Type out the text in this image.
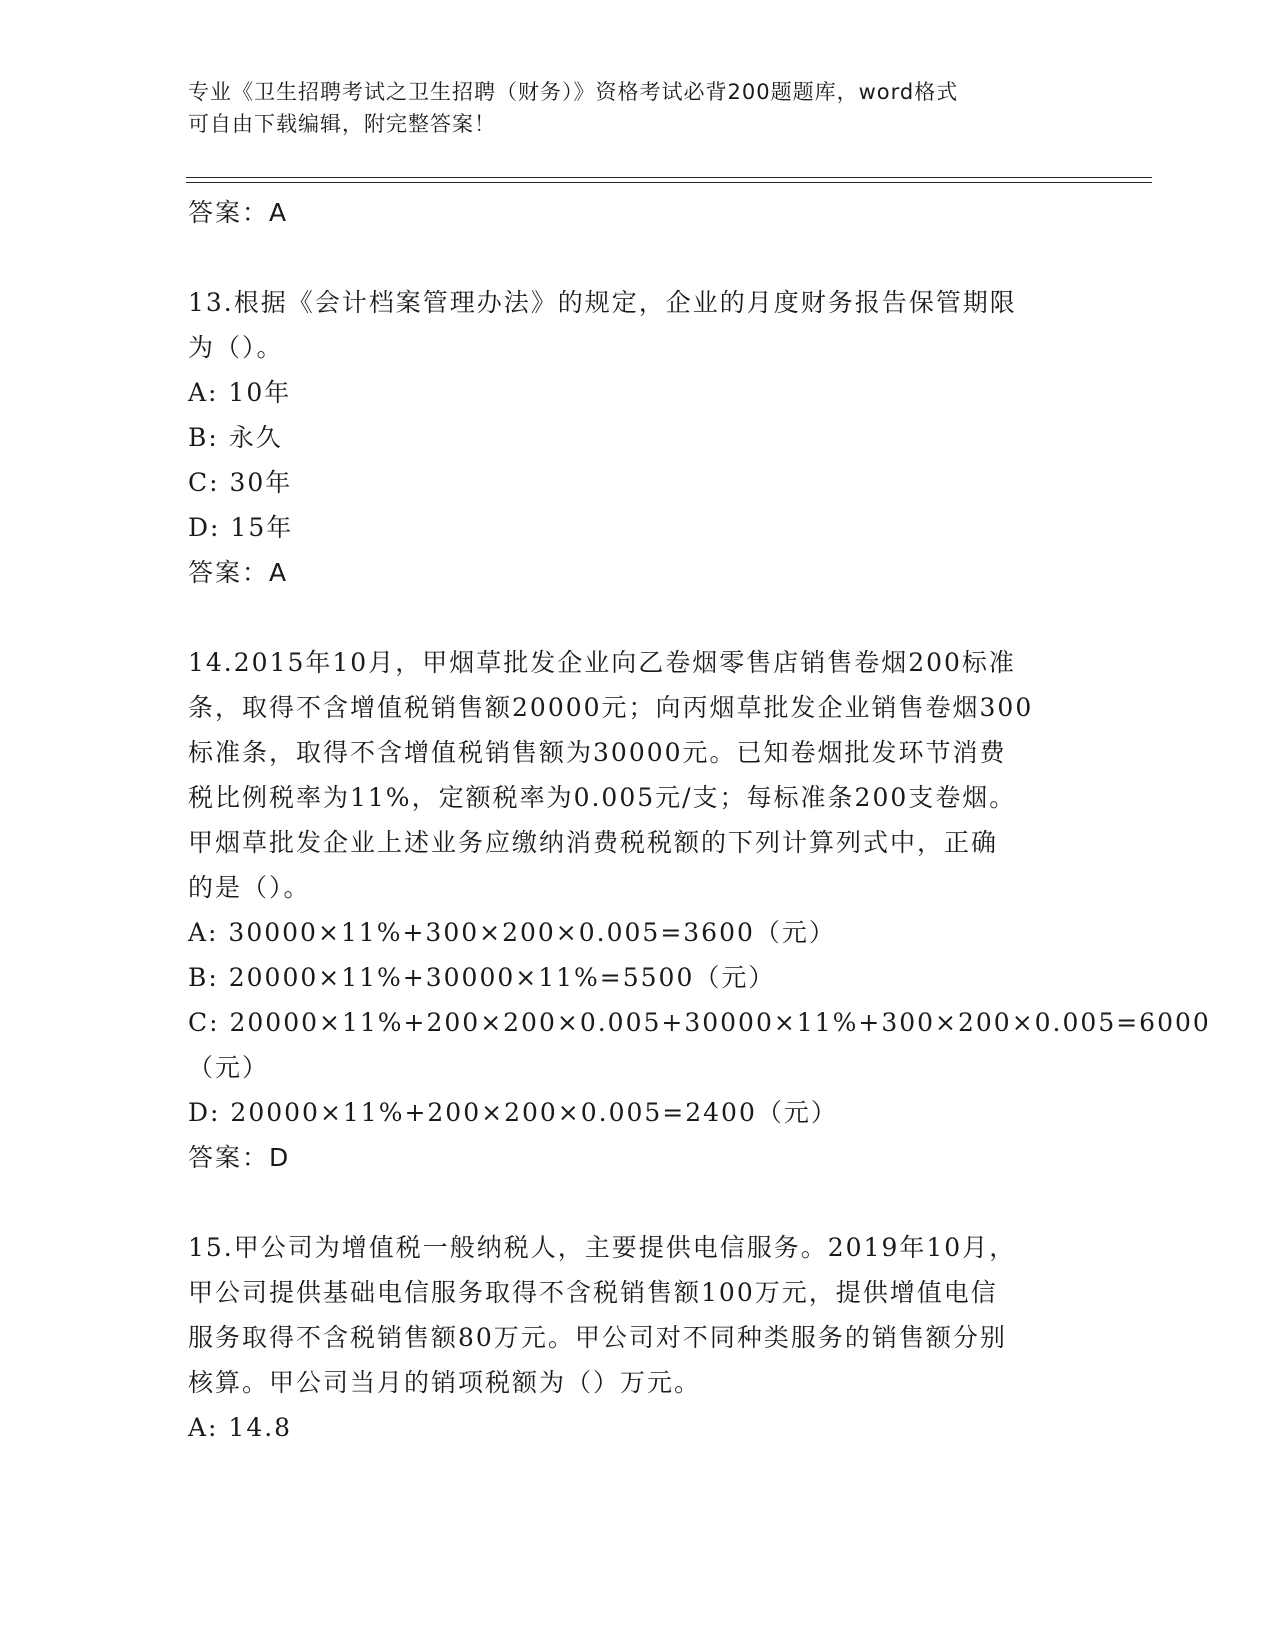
专业《卫生招聘考试之卫生招聘（财务）》资格考试必背200题题库，word格式
可自由下载编辑，附完整答案！
答案：A
13.根据《会计档案管理办法》的规定，企业的月度财务报告保管期限
为（）。
A: 10年
B: 永久
C: 30年
D: 15年
答案：A
14.2015年10月，甲烟草批发企业向乙卷烟零售店销售卷烟200标准
条，取得不含增值税销售额20000元；向丙烟草批发企业销售卷烟300
标准条，取得不含增值税销售额为30000元。已知卷烟批发环节消费
税比例税率为11%，定额税率为0.005元/支；每标准条200支卷烟。
甲烟草批发企业上述业务应缴纳消费税税额的下列计算列式中，正确
的是（）。
A: 30000×11%+300×200×0.005=3600（元）
B: 20000×11%+30000×11%=5500（元）
C: 20000×11%+200×200×0.005+30000×11%+300×200×0.005=6000
（元）
D: 20000×11%+200×200×0.005=2400（元）
答案：D
15.甲公司为增值税一般纳税人，主要提供电信服务。2019年10月，
甲公司提供基础电信服务取得不含税销售额100万元，提供增值电信
服务取得不含税销售额80万元。甲公司对不同种类服务的销售额分别
核算。甲公司当月的销项税额为（）万元。
A: 14.8
